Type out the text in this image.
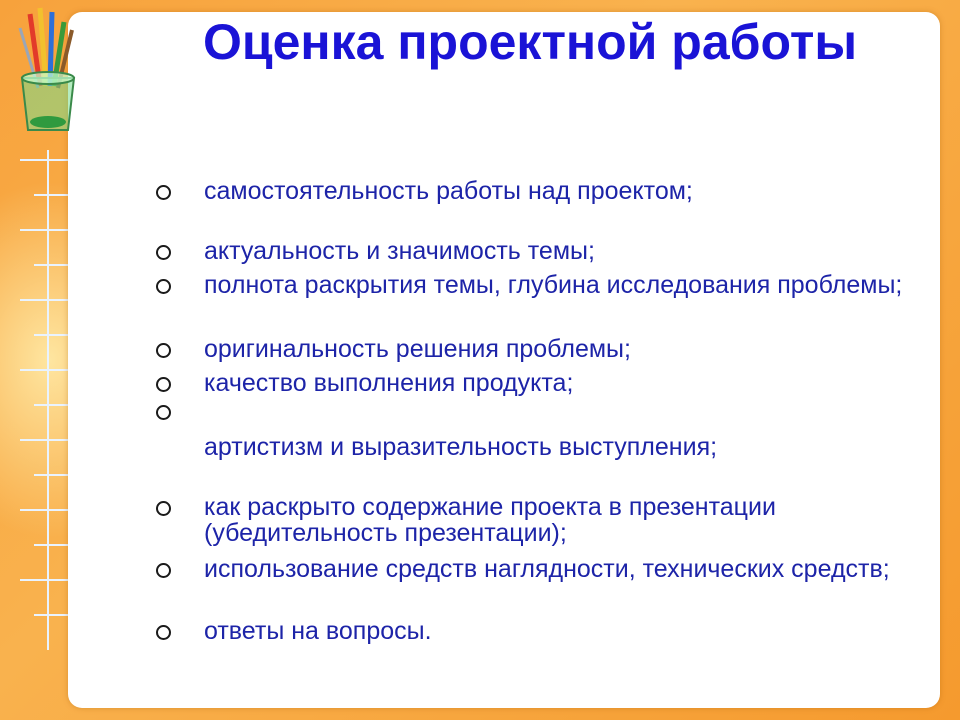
Оценка проектной работы
самостоятельность работы над проектом;
актуальность и значимость темы;
полнота раскрытия темы, глубина исследования проблемы;
оригинальность решения проблемы;
качество выполнения продукта;
артистизм и выразительность выступления;
как раскрыто содержание проекта в презентации (убедительность презентации);
использование средств наглядности, технических средств;
ответы на вопросы.
